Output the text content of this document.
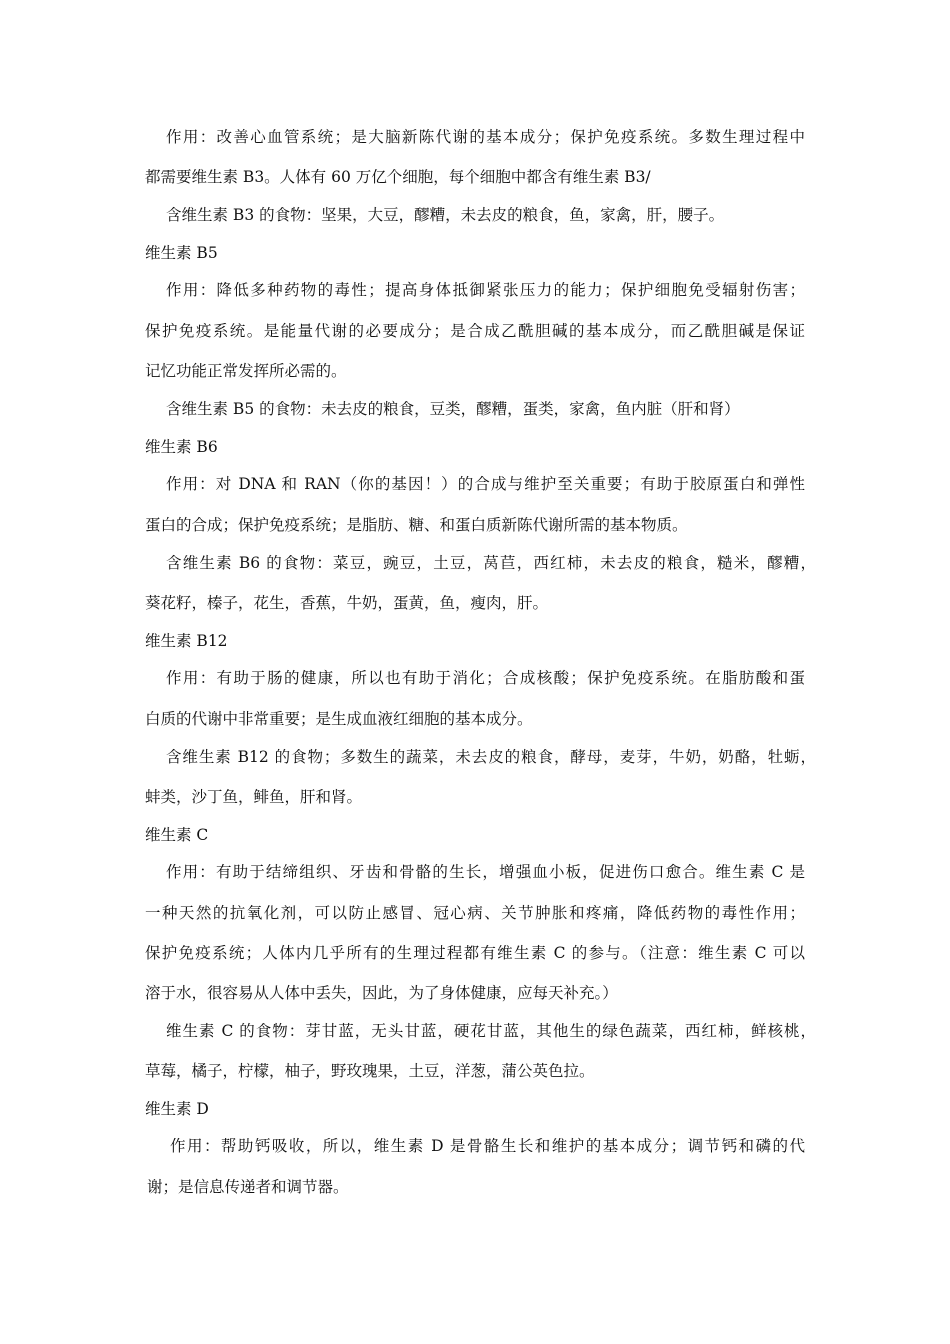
作用：改善心血管系统；是大脑新陈代谢的基本成分；保护免疫系统。多数生理过程中
都需要维生素 B3。人体有 60 万亿个细胞，每个细胞中都含有维生素 B3/
含维生素 B3 的食物：坚果，大豆，醪糟，未去皮的粮食，鱼，家禽，肝，腰子。
维生素 B5
作用：降低多种药物的毒性；提高身体抵御紧张压力的能力；保护细胞免受辐射伤害；
保护免疫系统。是能量代谢的必要成分；是合成乙酰胆碱的基本成分，而乙酰胆碱是保证
记忆功能正常发挥所必需的。
含维生素 B5 的食物：未去皮的粮食，豆类，醪糟，蛋类，家禽，鱼内脏（肝和肾）
维生素 B6
作用：对 DNA 和 RAN（你的基因！）的合成与维护至关重要；有助于胶原蛋白和弹性
蛋白的合成；保护免疫系统；是脂肪、糖、和蛋白质新陈代谢所需的基本物质。
含维生素 B6 的食物：菜豆，豌豆，土豆，莴苣，西红柿，未去皮的粮食，糙米，醪糟，
葵花籽，榛子，花生，香蕉，牛奶，蛋黄，鱼，瘦肉，肝。
维生素 B12
作用：有助于肠的健康，所以也有助于消化；合成核酸；保护免疫系统。在脂肪酸和蛋
白质的代谢中非常重要；是生成血液红细胞的基本成分。
含维生素 B12 的食物；多数生的蔬菜，未去皮的粮食，酵母，麦芽，牛奶，奶酪，牡蛎，
蚌类，沙丁鱼，鲱鱼，肝和肾。
维生素 C
作用：有助于结缔组织、牙齿和骨骼的生长，增强血小板，促进伤口愈合。维生素 C 是
一种天然的抗氧化剂，可以防止感冒、冠心病、关节肿胀和疼痛，降低药物的毒性作用；
保护免疫系统；人体内几乎所有的生理过程都有维生素 C 的参与。（注意：维生素 C 可以
溶于水，很容易从人体中丢失，因此，为了身体健康，应每天补充。）
维生素 C 的食物：芽甘蓝，无头甘蓝，硬花甘蓝，其他生的绿色蔬菜，西红柿，鲜核桃，
草莓，橘子，柠檬，柚子，野玫瑰果，土豆，洋葱，蒲公英色拉。
维生素 D
作用：帮助钙吸收，所以，维生素 D 是骨骼生长和维护的基本成分；调节钙和磷的代
谢；是信息传递者和调节器。
